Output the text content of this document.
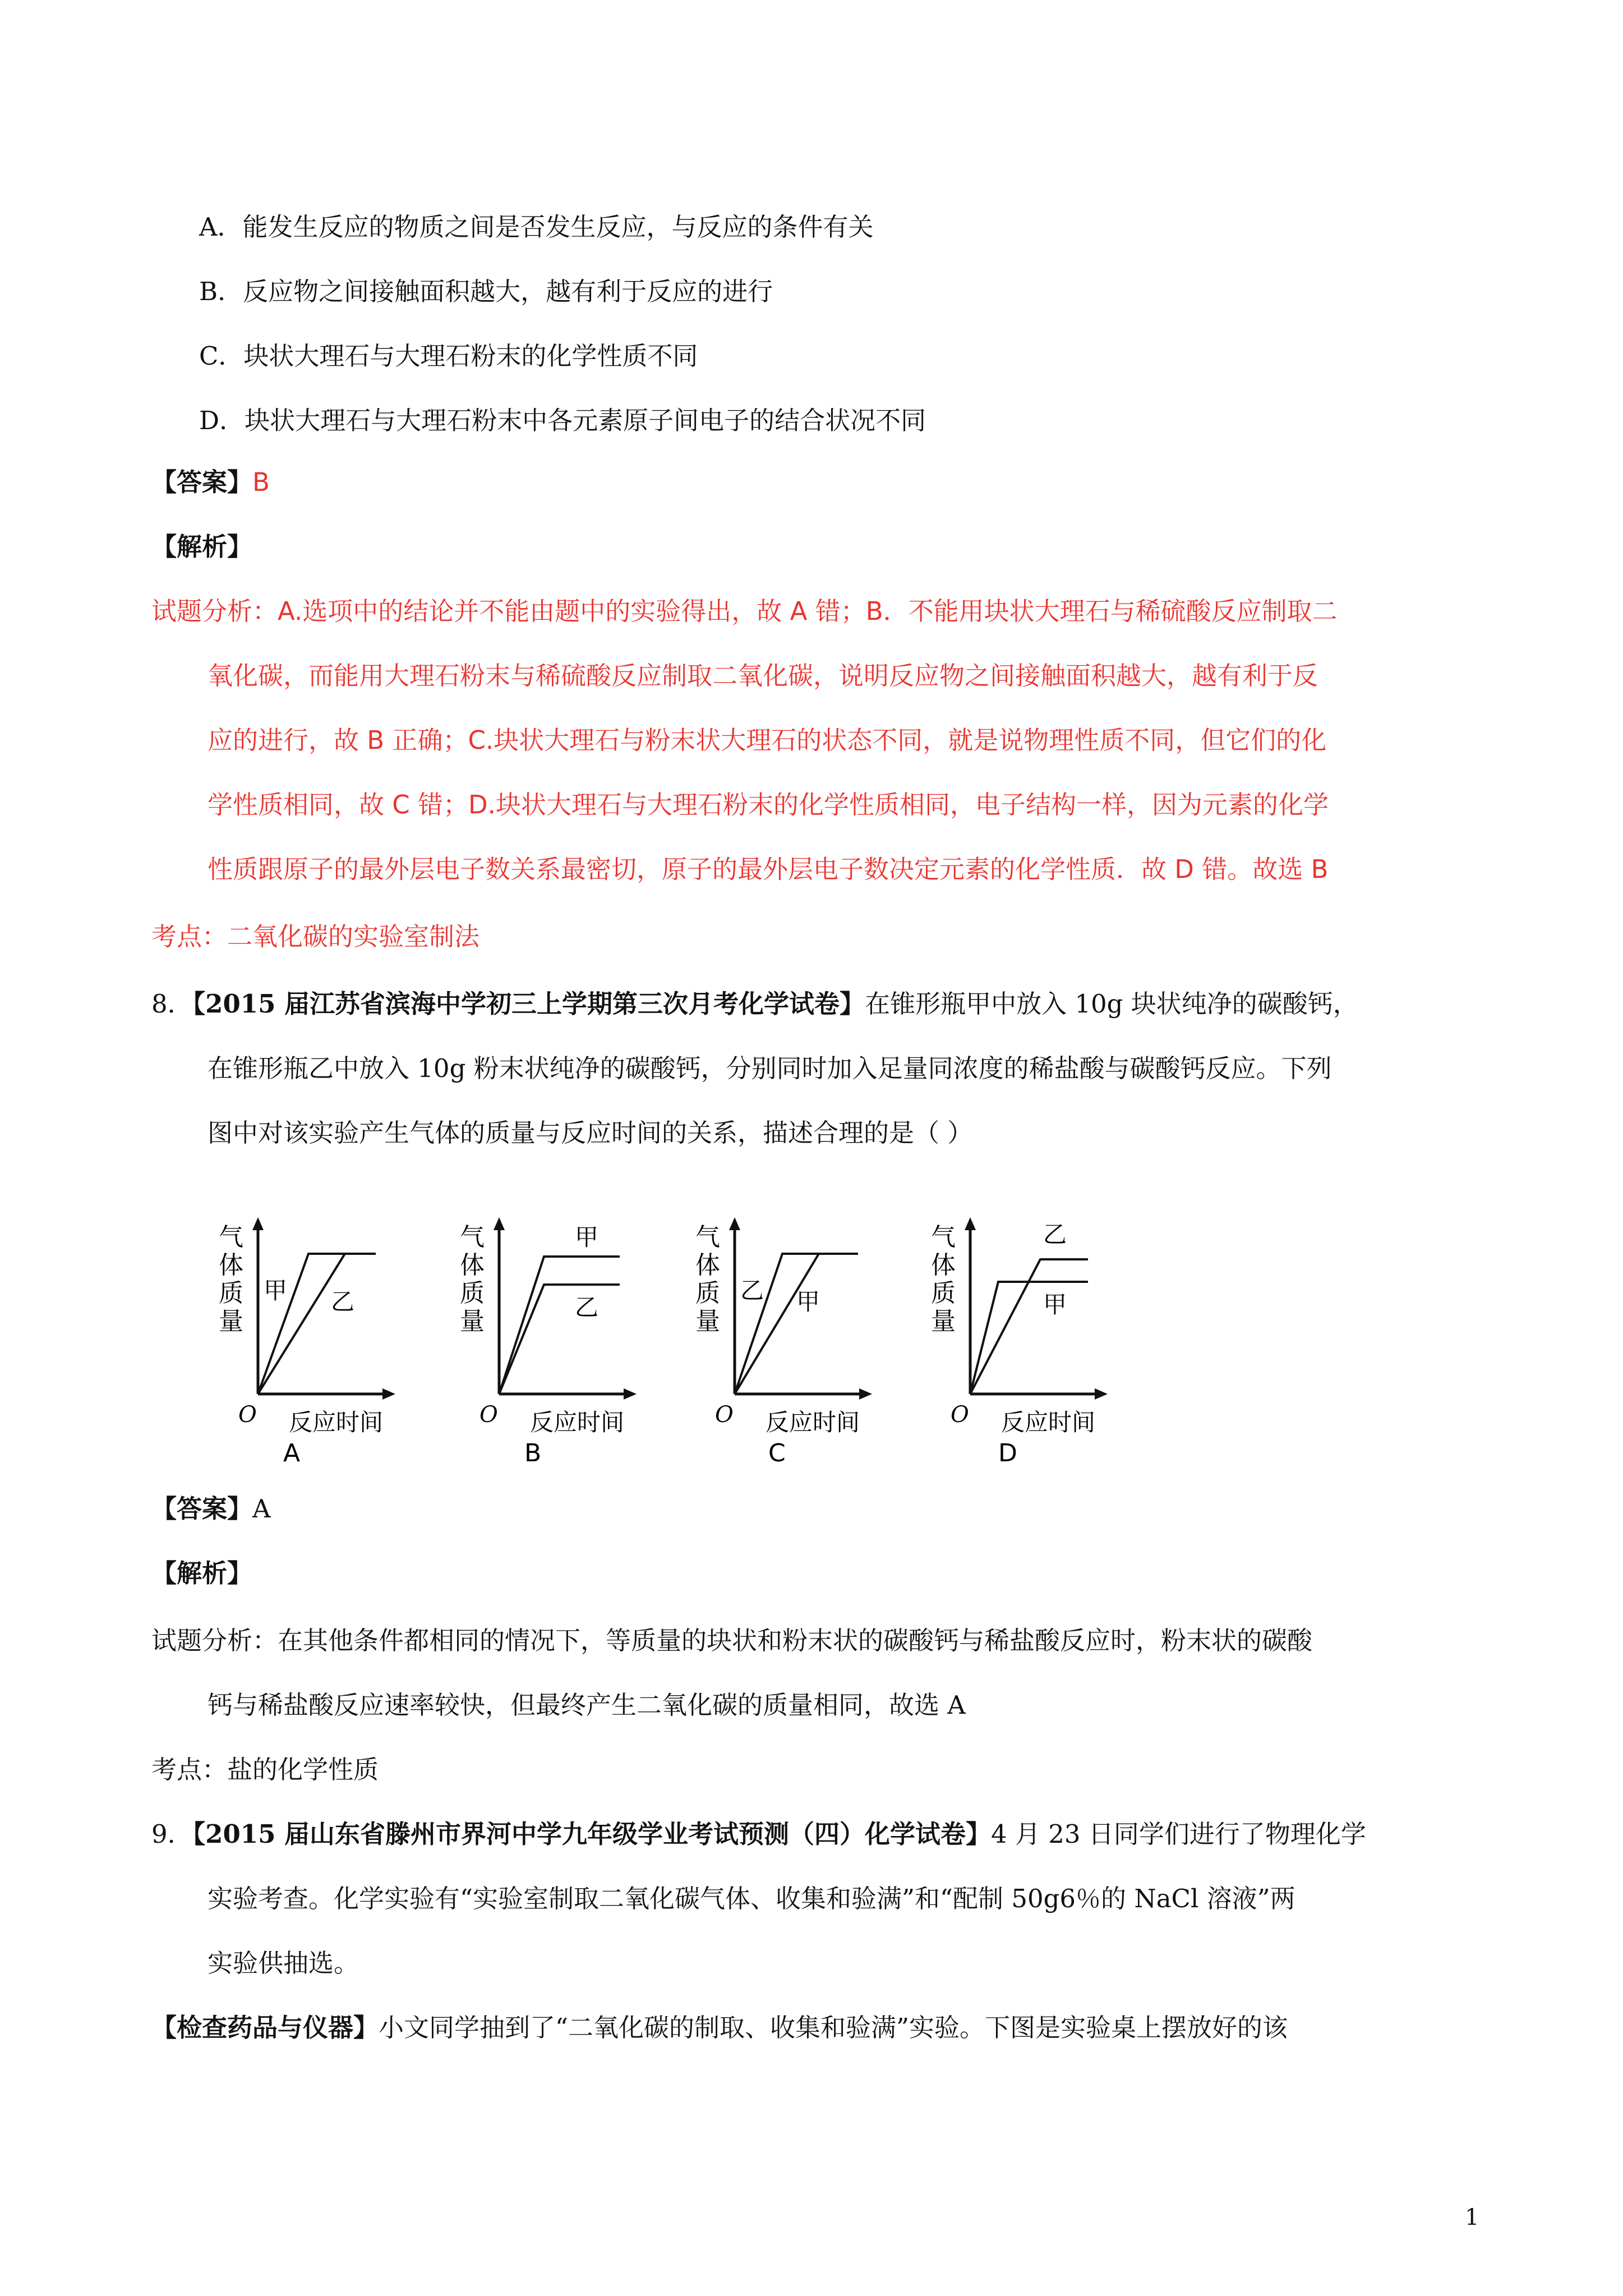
A．能发生反应的物质之间是否发生反应，与反应的条件有关
B．反应物之间接触面积越大，越有利于反应的进行
C．块状大理石与大理石粉末的化学性质不同
D．块状大理石与大理石粉末中各元素原子间电子的结合状况不同
【答案】B
【解析】
试题分析：A.选项中的结论并不能由题中的实验得出，故 A 错；B．不能用块状大理石与稀硫酸反应制取二
氧化碳，而能用大理石粉末与稀硫酸反应制取二氧化碳，说明反应物之间接触面积越大，越有利于反
应的进行，故 B 正确；C.块状大理石与粉末状大理石的状态不同，就是说物理性质不同，但它们的化
学性质相同，故 C 错；D.块状大理石与大理石粉末的化学性质相同，电子结构一样，因为元素的化学
性质跟原子的最外层电子数关系最密切，原子的最外层电子数决定元素的化学性质．故 D 错。故选 B
考点：二氧化碳的实验室制法
8．【2015 届江苏省滨海中学初三上学期第三次月考化学试卷】在锥形瓶甲中放入 10g 块状纯净的碳酸钙，
在锥形瓶乙中放入 10g 粉末状纯净的碳酸钙，分别同时加入足量同浓度的稀盐酸与碳酸钙反应。下列
图中对该实验产生气体的质量与反应时间的关系，描述合理的是（ ）
气
体
质
量
甲 乙
O 反应时间
A
气
体
质
量
甲
乙
O 反应时间
B
气
体
质
量
乙 甲
O 反应时间
C
气
体
质
量
乙
甲
O 反应时间
D
【答案】A
【解析】
试题分析：在其他条件都相同的情况下，等质量的块状和粉末状的碳酸钙与稀盐酸反应时，粉末状的碳酸
钙与稀盐酸反应速率较快，但最终产生二氧化碳的质量相同，故选 A
考点：盐的化学性质
9．【2015 届山东省滕州市界河中学九年级学业考试预测（四）化学试卷】4 月 23 日同学们进行了物理化学
实验考查。化学实验有“实验室制取二氧化碳气体、收集和验满”和“配制 50g6％的 NaCl 溶液”两
实验供抽选。
【检查药品与仪器】小文同学抽到了“二氧化碳的制取、收集和验满”实验。下图是实验桌上摆放好的该
1
